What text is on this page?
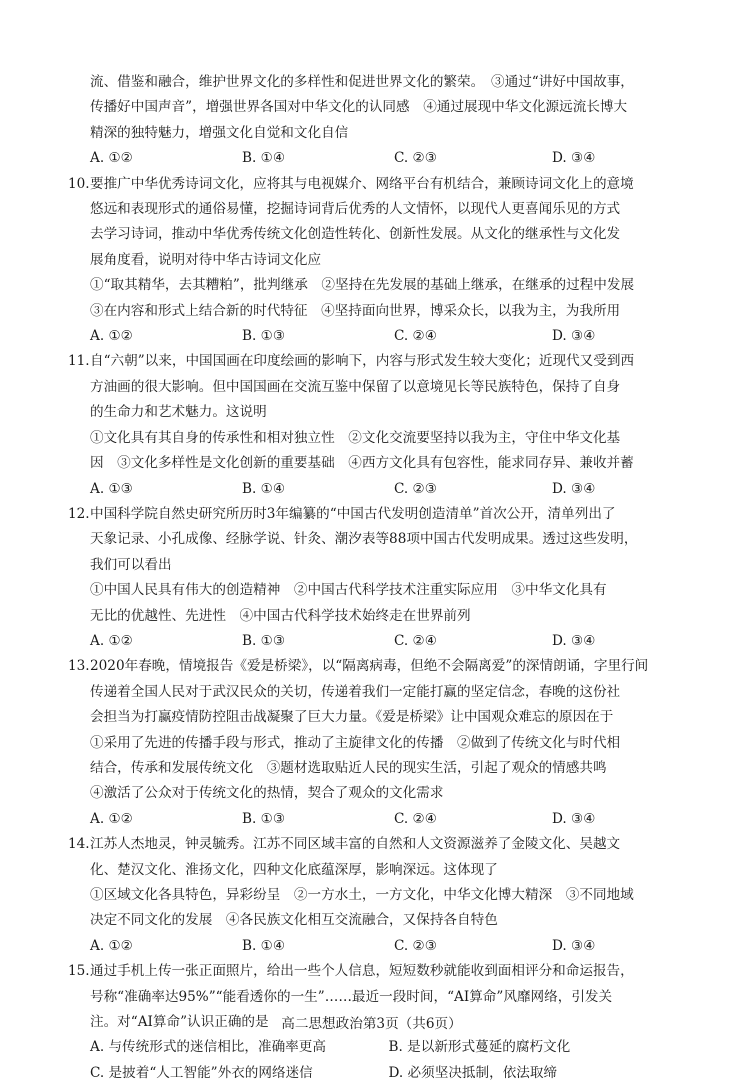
流、借鉴和融合，维护世界文化的多样性和促进世界文化的繁荣。　③通过“讲好中国故事，
传播好中国声音”，增强世界各国对中华文化的认同感　④通过展现中华文化源远流长博大
精深的独特魅力，增强文化自觉和文化自信
A. ①②	B. ①④	C. ②③	D. ③④
10. 要推广中华优秀诗词文化，应将其与电视媒介、网络平台有机结合，兼顾诗词文化上的意境
悠远和表现形式的通俗易懂，挖掘诗词背后优秀的人文情怀，以现代人更喜闻乐见的方式
去学习诗词，推动中华优秀传统文化创造性转化、创新性发展。从文化的继承性与文化发
展角度看，说明对待中华古诗词文化应
①“取其精华，去其糟粕”，批判继承　②坚持在先发展的基础上继承，在继承的过程中发展
③在内容和形式上结合新的时代特征　④坚持面向世界，博采众长，以我为主，为我所用
A. ①②	B. ①③	C. ②④	D. ③④
11. 自“六朝”以来，中国国画在印度绘画的影响下，内容与形式发生较大变化；近现代又受到西
方油画的很大影响。但中国国画在交流互鉴中保留了以意境见长等民族特色，保持了自身
的生命力和艺术魅力。这说明
①文化具有其自身的传承性和相对独立性　②文化交流要坚持以我为主，守住中华文化基
因　③文化多样性是文化创新的重要基础　④西方文化具有包容性，能求同存异、兼收并蓄
A. ①③	B. ①④	C. ②③	D. ③④
12. 中国科学院自然史研究所历时3年编纂的“中国古代发明创造清单”首次公开，清单列出了
天象记录、小孔成像、经脉学说、针灸、潮汐表等88项中国古代发明成果。透过这些发明，
我们可以看出
①中国人民具有伟大的创造精神　②中国古代科学技术注重实际应用　③中华文化具有
无比的优越性、先进性　④中国古代科学技术始终走在世界前列
A. ①②	B. ①③	C. ②④	D. ③④
13. 2020年春晚，情境报告《爱是桥梁》，以“隔离病毒，但绝不会隔离爱”的深情朗诵，字里行间
传递着全国人民对于武汉民众的关切，传递着我们一定能打赢的坚定信念，春晚的这份社
会担当为打赢疫情防控阻击战凝聚了巨大力量。《爱是桥梁》让中国观众难忘的原因在于
①采用了先进的传播手段与形式，推动了主旋律文化的传播　②做到了传统文化与时代相
结合，传承和发展传统文化　③题材选取贴近人民的现实生活，引起了观众的情感共鸣
④激活了公众对于传统文化的热情，契合了观众的文化需求
A. ①②	B. ①③	C. ②④	D. ③④
14. 江苏人杰地灵，钟灵毓秀。江苏不同区域丰富的自然和人文资源滋养了金陵文化、吴越文
化、楚汉文化、淮扬文化，四种文化底蕴深厚，影响深远。这体现了
①区域文化各具特色，异彩纷呈　②一方水土，一方文化，中华文化博大精深　③不同地域
决定不同文化的发展　④各民族文化相互交流融合，又保持各自特色
A. ①②	B. ①④	C. ②③	D. ③④
15. 通过手机上传一张正面照片，给出一些个人信息，短短数秒就能收到面相评分和命运报告，
号称“准确率达95%”“能看透你的一生”……最近一段时间，“AI算命”风靡网络，引发关
注。对“AI算命”认识正确的是
A. 与传统形式的迷信相比，准确率更高	B. 是以新形式蔓延的腐朽文化
C. 是披着“人工智能”外衣的网络迷信	D. 必须坚决抵制，依法取缔
高二思想政治第3页（共6页）
